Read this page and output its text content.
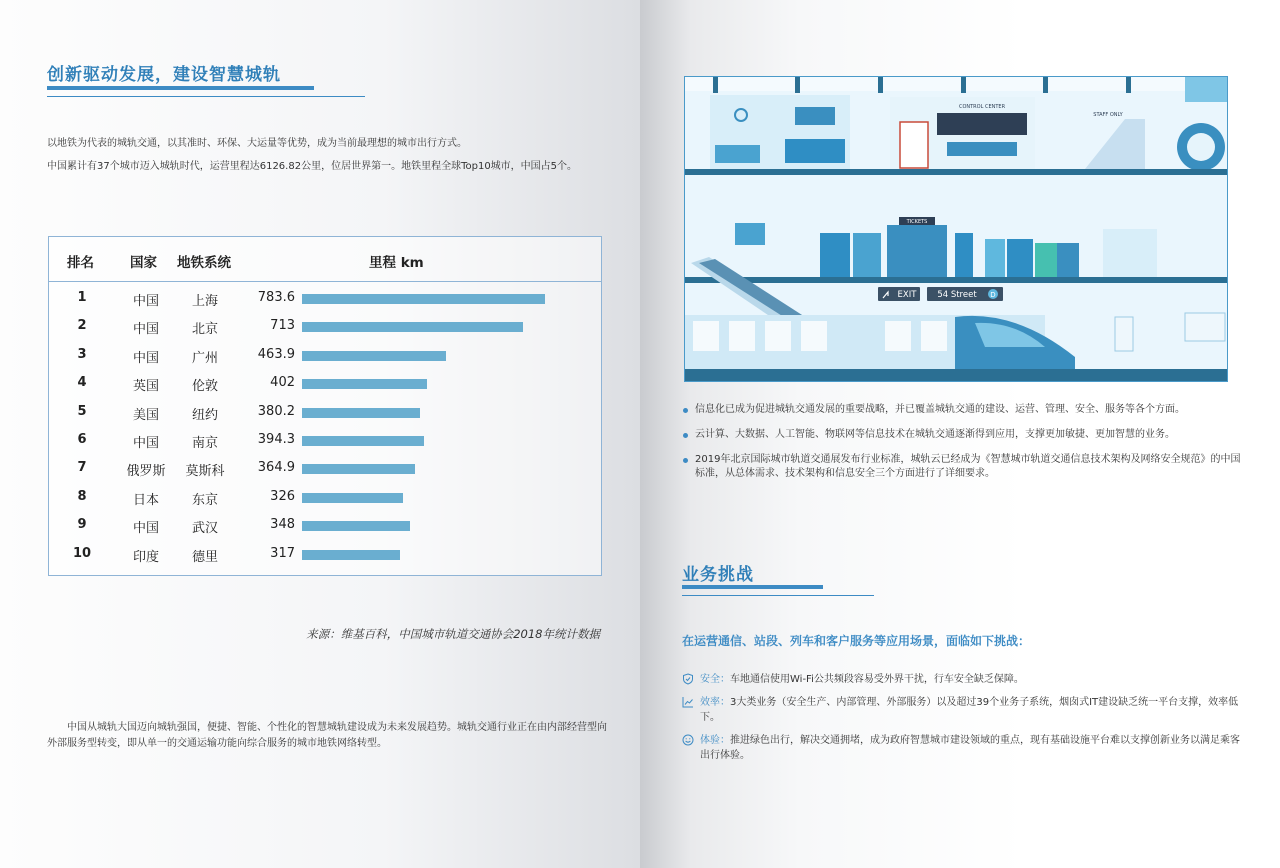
创新驱动发展，建设智慧城轨
以地铁为代表的城轨交通，以其准时、环保、大运量等优势，成为当前最理想的城市出行方式。
中国累计有37个城市迈入城轨时代，运营里程达6126.82公里，位居世界第一。地铁里程全球Top10城市，中国占5个。
排名	国家 地铁系统	里程 km
1	中国	上海	783.6
2	中国	北京	713
3	中国	广州	463.9
4	英国	伦敦	402
5	美国	纽约	380.2
6	中国	南京	394.3
7	俄罗斯	莫斯科	364.9
8	日本	东京	326
9	中国	武汉	348
10	印度	德里	317
来源：维基百科，中国城市轨道交通协会2018年统计数据
中国从城轨大国迈向城轨强国，便捷、智能、个性化的智慧城轨建设成为未来发展趋势。城轨交通行业正在由内部经营型向外部服务型转变，即从单一的交通运输功能向综合服务的城市地铁网络转型。
CONTROL CENTER
STAFF ONLY
TICKETS
EXIT 54 Street D
信息化已成为促进城轨交通发展的重要战略，并已覆盖城轨交通的建设、运营、管理、安全、服务等各个方面。
云计算、大数据、人工智能、物联网等信息技术在城轨交通逐渐得到应用，支撑更加敏捷、更加智慧的业务。
2019年北京国际城市轨道交通展发布行业标准，城轨云已经成为《智慧城市轨道交通信息技术架构及网络安全规范》的中国标准，从总体需求、技术架构和信息安全三个方面进行了详细要求。
业务挑战
在运营通信、站段、列车和客户服务等应用场景，面临如下挑战：
安全：车地通信使用Wi-Fi公共频段容易受外界干扰，行车安全缺乏保障。
效率：3大类业务（安全生产、内部管理、外部服务）以及超过39个业务子系统，烟囱式IT建设缺乏统一平台支撑，效率低下。
体验：推进绿色出行，解决交通拥堵，成为政府智慧城市建设领域的重点，现有基础设施平台难以支撑创新业务以满足乘客出行体验。
